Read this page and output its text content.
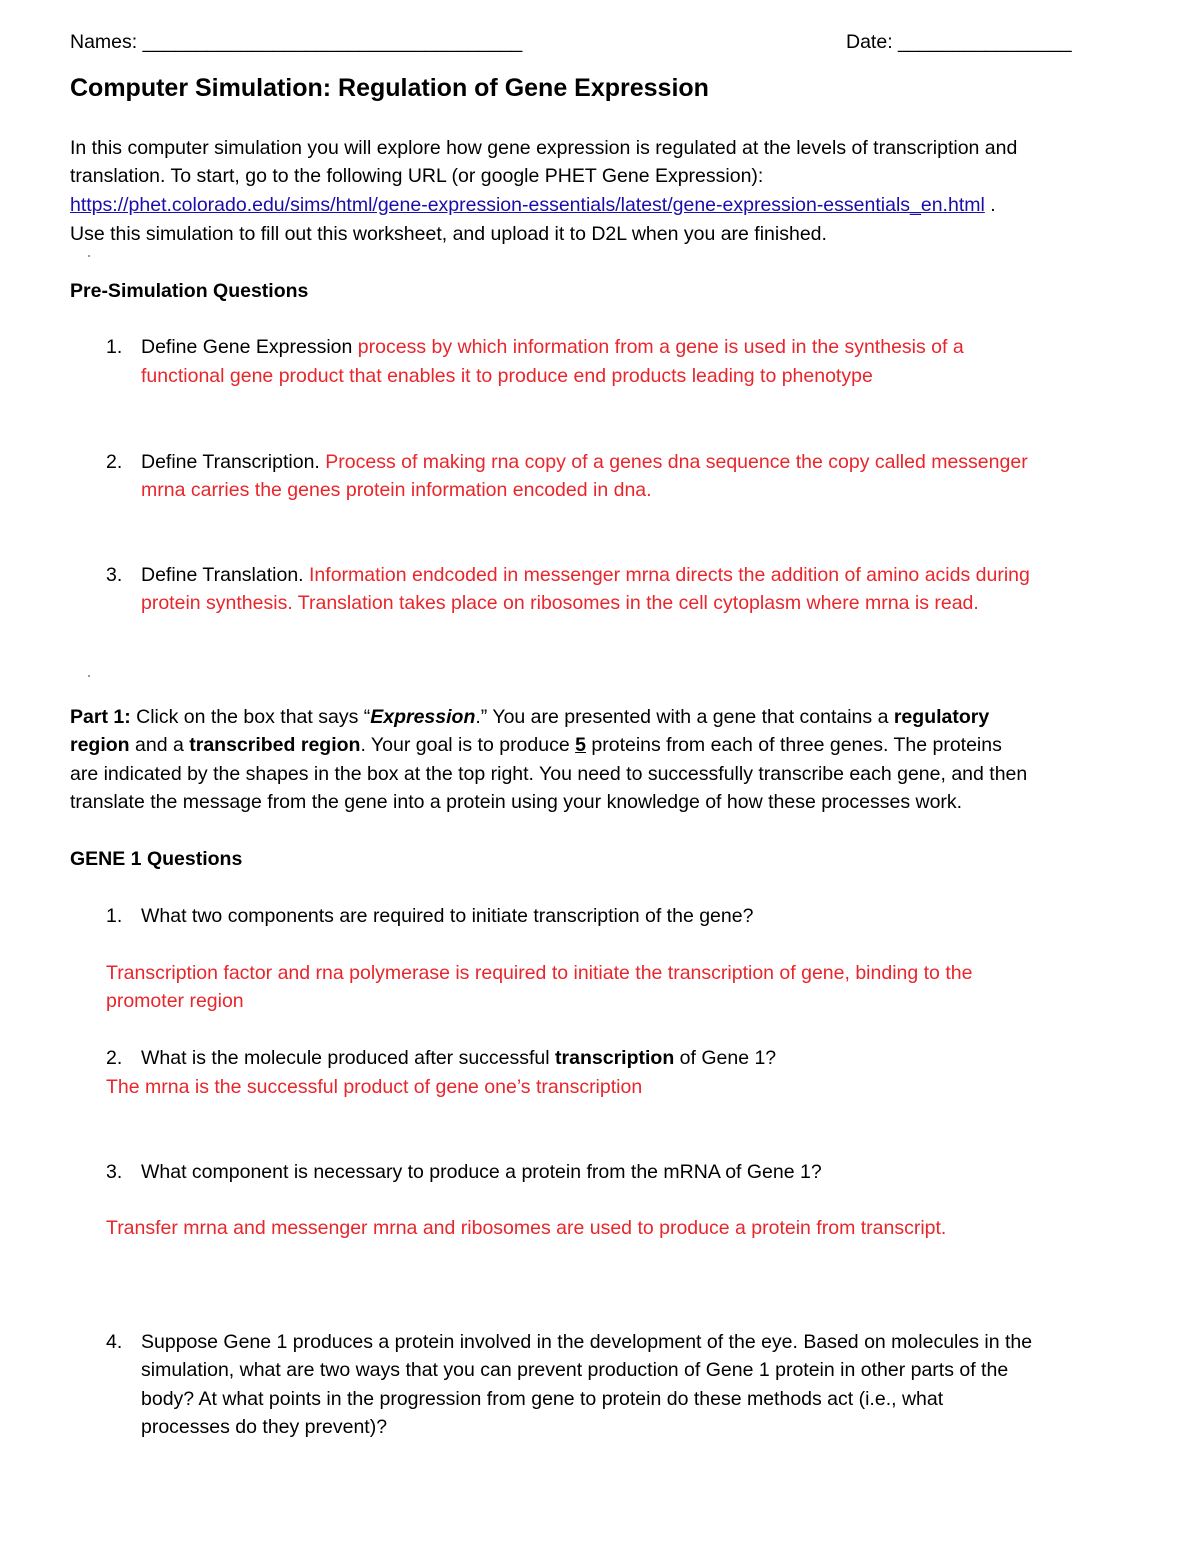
Names: ___________________________________	Date: ________________
Computer Simulation: Regulation of Gene Expression
In this computer simulation you will explore how gene expression is regulated at the levels of transcription and
translation. To start, go to the following URL (or google PHET Gene Expression):
https://phet.colorado.edu/sims/html/gene-expression-essentials/latest/gene-expression-essentials_en.html .
Use this simulation to fill out this worksheet, and upload it to D2L when you are finished.
Pre-Simulation Questions
1. Define Gene Expression process by which information from a gene is used in the synthesis of a
functional gene product that enables it to produce end products leading to phenotype
2. Define Transcription. Process of making rna copy of a genes dna sequence the copy called messenger
mrna carries the genes protein information encoded in dna.
3. Define Translation. Information endcoded in messenger mrna directs the addition of amino acids during
protein synthesis. Translation takes place on ribosomes in the cell cytoplasm where mrna is read.
Part 1: Click on the box that says “Expression.” You are presented with a gene that contains a regulatory
region and a transcribed region. Your goal is to produce 5 proteins from each of three genes. The proteins
are indicated by the shapes in the box at the top right. You need to successfully transcribe each gene, and then
translate the message from the gene into a protein using your knowledge of how these processes work.
GENE 1 Questions
1. What two components are required to initiate transcription of the gene?
Transcription factor and rna polymerase is required to initiate the transcription of gene, binding to the
promoter region
2. What is the molecule produced after successful transcription of Gene 1?
The mrna is the successful product of gene one’s transcription
3. What component is necessary to produce a protein from the mRNA of Gene 1?
Transfer mrna and messenger mrna and ribosomes are used to produce a protein from transcript.
4. Suppose Gene 1 produces a protein involved in the development of the eye. Based on molecules in the
simulation, what are two ways that you can prevent production of Gene 1 protein in other parts of the
body? At what points in the progression from gene to protein do these methods act (i.e., what
processes do they prevent)?
